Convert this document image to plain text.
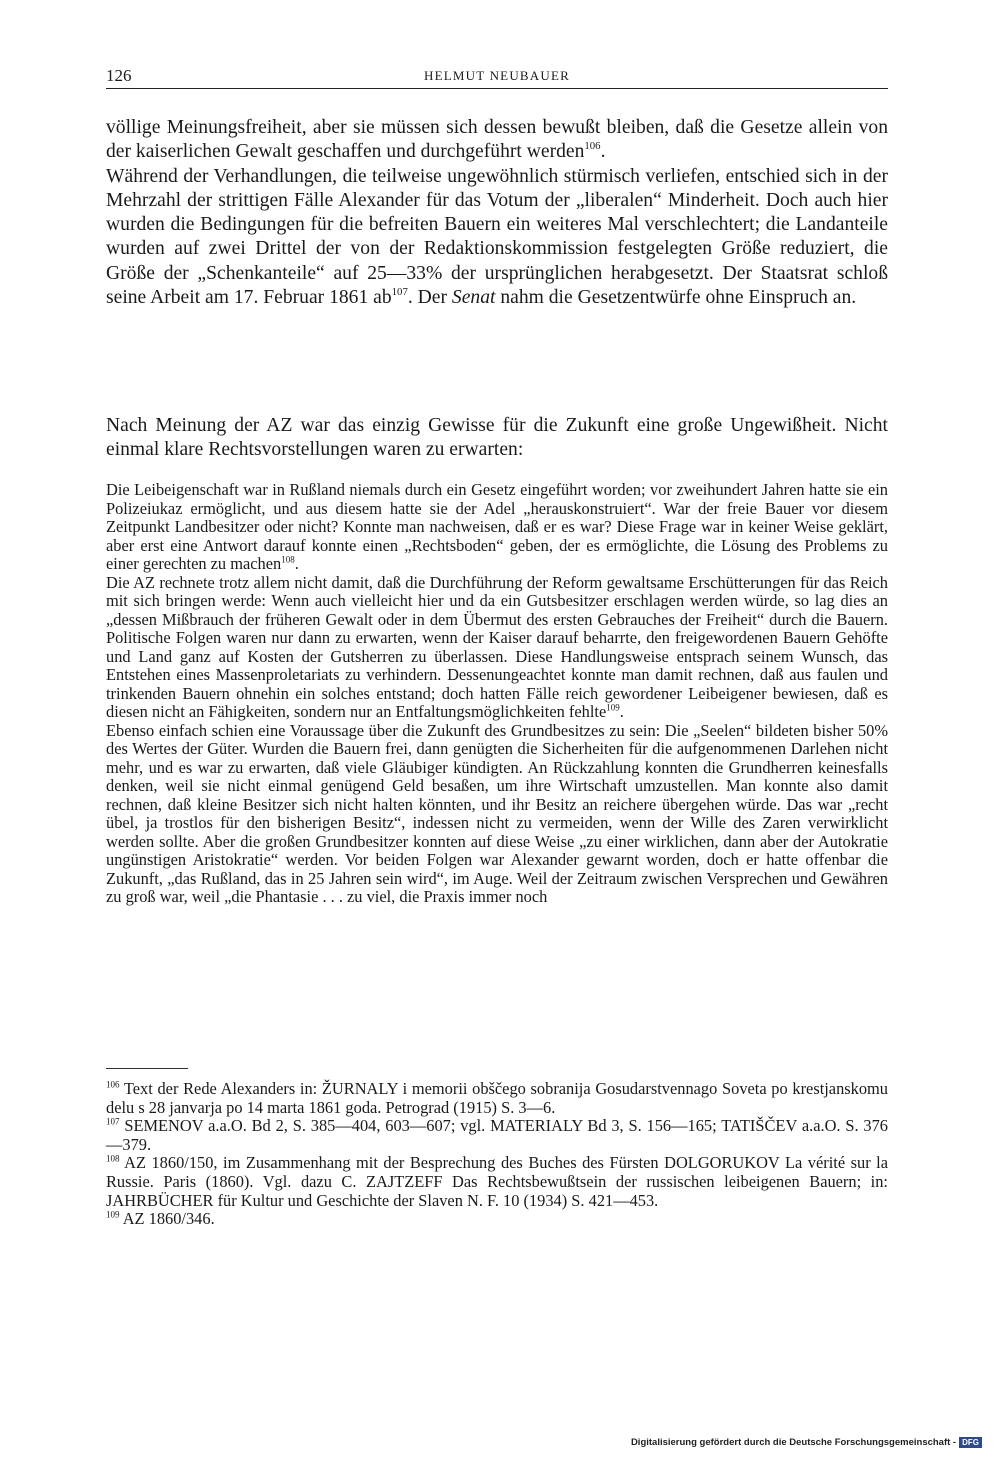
126	HELMUT NEUBAUER

völlige Meinungsfreiheit, aber sie müssen sich dessen bewußt bleiben, daß die Gesetze allein von der kaiserlichen Gewalt geschaffen und durchgeführt werden$^{106}$.

Während der Verhandlungen, die teilweise ungewöhnlich stürmisch verliefen, entschied sich in der Mehrzahl der strittigen Fälle Alexander für das Votum der „liberalen“ Minderheit. Doch auch hier wurden die Bedingungen für die befreiten Bauern ein weiteres Mal verschlechtert; die Landanteile wurden auf zwei Drittel der von der Redaktionskommission festgelegten Größe reduziert, die Größe der „Schenkanteile“ auf 25—33% der ursprünglichen herabgesetzt. Der Staatsrat schloß seine Arbeit am 17. Februar 1861 $ab^{107}$. Der Senat nahm die Gesetzentwürfe ohne Einspruch an.

Nach Meinung der AZ war das einzig Gewisse für die Zukunft eine große Ungewißheit. Nicht einmal klare Rechtsvorstellungen waren zu erwarten:

Die Leibeigenschaft war in Rußland niemals durch ein Gesetz eingeführt worden; vor zweihundert Jahren hatte sie ein Polizeiukaz ermöglicht, und aus diesem hatte sie der Adel „herauskonstruiert“. War der freie Bauer vor diesem Zeitpunkt Landbesitzer oder nicht? Konnte man nachweisen, daß er es war? Diese Frage war in keiner Weise geklärt, aber erst eine Antwort darauf konnte einen „Rechtsboden“ geben, der es ermöglichte, die Lösung des Problems zu einer gerechten zu machen$^{108}$.

Die AZ rechnete trotz allem nicht damit, daß die Durchführung der Reform gewaltsame Erschütterungen für das Reich mit sich bringen werde: Wenn auch vielleicht hier und da ein Gutsbesitzer erschlagen werden würde, so lag dies an „dessen Mißbrauch der früheren Gewalt oder in dem Übermut des ersten Gebrauches der Freiheit“ durch die Bauern. Politische Folgen waren nur dann zu erwarten, wenn der Kaiser darauf beharrte, den freigewordenen Bauern Gehöfte und Land ganz auf Kosten der Gutsherren zu überlassen. Diese Handlungsweise entsprach seinem Wunsch, das Entstehen eines Massenproletariats zu verhindern. Dessenungeachtet konnte man damit rechnen, daß aus faulen und trinkenden Bauern ohnehin ein solches entstand; doch hatten Fälle reich gewordener Leibeigener bewiesen, daß es diesen nicht an Fähigkeiten, sondern nur an Entfaltungsmöglichkeiten fehlte$^{109}$.

Ebenso einfach schien eine Voraussage über die Zukunft des Grundbesitzes zu sein: Die „Seelen“ bildeten bisher 50% des Wertes der Güter. Wurden die Bauern frei, dann genügten die Sicherheiten für die aufgenommenen Darlehen nicht mehr, und es war zu erwarten, daß viele Gläubiger kündigten. An Rückzahlung konnten die Grundherren keinesfalls denken, weil sie nicht einmal genügend Geld besaßen, um ihre Wirtschaft umzustellen. Man konnte also damit rechnen, daß kleine Besitzer sich nicht halten könnten, und ihr Besitz an reichere übergehen würde. Das war „recht übel, ja trostlos für den bisherigen Besitz“, indessen nicht zu vermeiden, wenn der Wille des Zaren verwirklicht werden sollte. Aber die großen Grundbesitzer konnten auf diese Weise „zu einer wirklichen, dann aber der Autokratie ungünstigen Aristokratie“ werden. Vor beiden Folgen war Alexander gewarnt worden, doch er hatte offenbar die Zukunft, „das Rußland, das in 25 Jahren sein wird“, im Auge. Weil der Zeitraum zwischen Versprechen und Gewähren zu groß war, weil „die Phantasie . . . zu viel, die Praxis immer noch

$^{106}$ Text der Rede Alexanders in: ŽURNALY i memorii obščego sobranija Gosudarstvennago Soveta po krestjanskomu delu s 28 janvarja po 14 marta 1861 goda. Petrograd (1915) S. 3—6.

$^{107}$ SEMENOV a.a.O. Bd 2, S. 385—404, 603—607; vgl. MATERIALY Bd 3, S. 156—165; TATIŠČEV a.a.O. S. 376—379.

$^{108}$ AZ 1860/150, im Zusammenhang mit der Besprechung des Buches des Fürsten DOLGORUKOV La vérité sur la Russie. Paris (1860). Vgl. dazu C. ZAJTZEFF Das Rechtsbewußtsein der russischen leibeigenen Bauern; in: JAHRBÜCHER für Kultur und Geschichte der Slaven N. F. 10 (1934) S. 421—453.

$^{109}$ AZ 1860/346.

Digitalisierung gefördert durch die Deutsche Forschungsgemeinschaft - DFG
